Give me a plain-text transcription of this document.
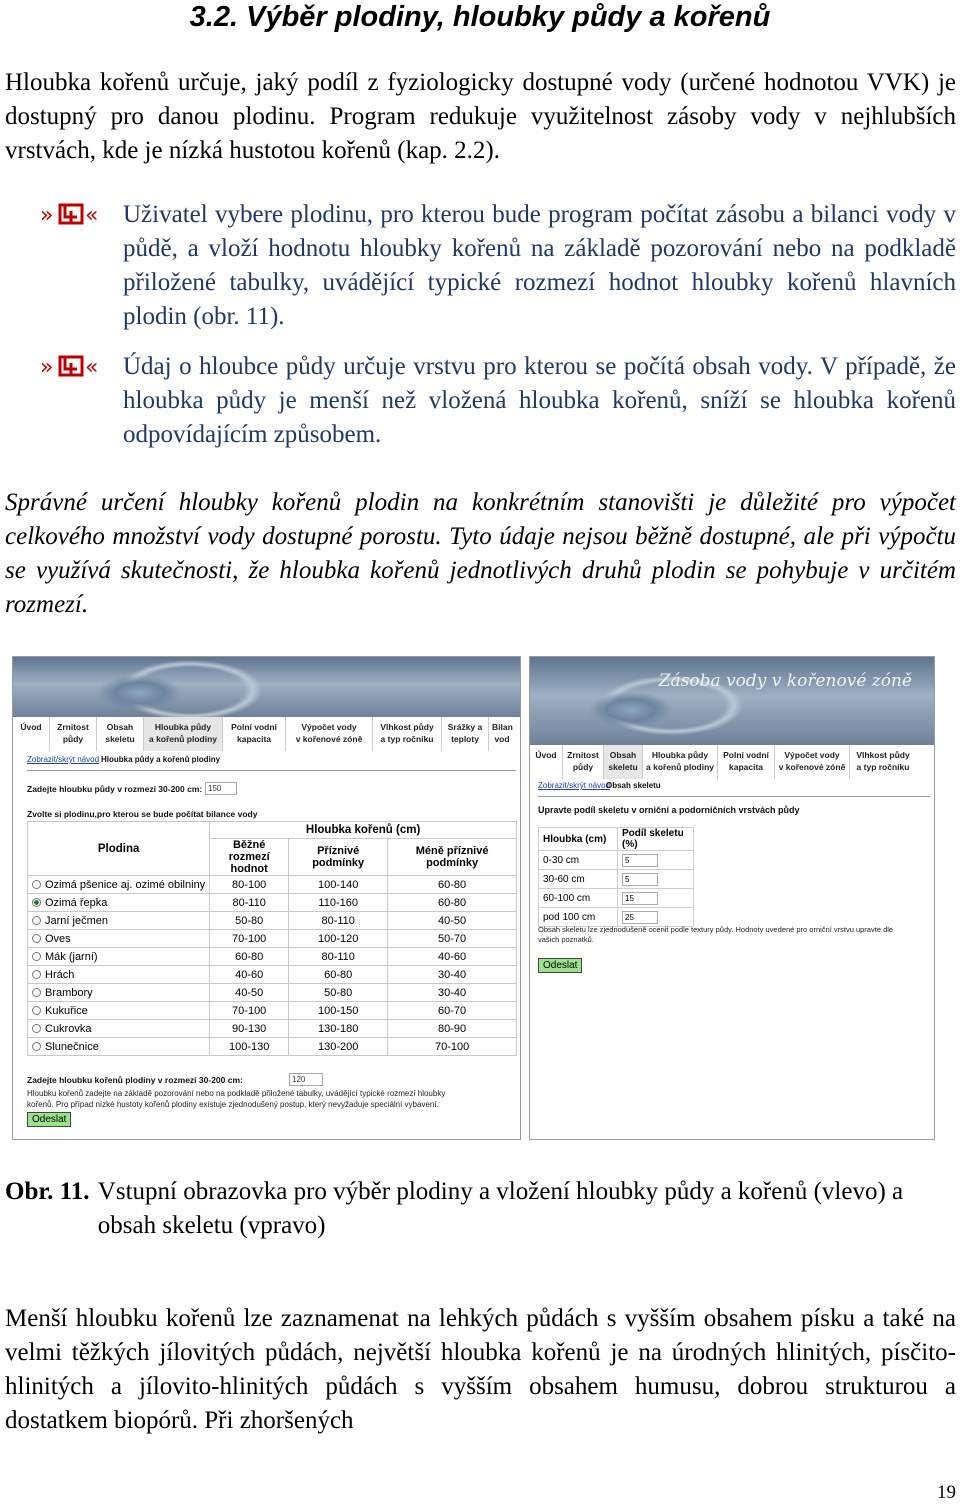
3.2. Výběr plodiny, hloubky půdy a kořenů
Hloubka kořenů určuje, jaký podíl z fyziologicky dostupné vody (určené hodnotou VVK) je dostupný pro danou plodinu. Program redukuje využitelnost zásoby vody v nejhlubších vrstvách, kde je nízká hustotou kořenů (kap. 2.2).
» « Uživatel vybere plodinu, pro kterou bude program počítat zásobu a bilanci vody v půdě, a vloží hodnotu hloubky kořenů na základě pozorování nebo na podkladě přiložené tabulky, uvádějící typické rozmezí hodnot hloubky kořenů hlavních plodin (obr. 11).
» « Údaj o hloubce půdy určuje vrstvu pro kterou se počítá obsah vody. V případě, že hloubka půdy je menší než vložená hloubka kořenů, sníží se hloubka kořenů odpovídajícím způsobem.
Správné určení hloubky kořenů plodin na konkrétním stanovišti je důležité pro výpočet celkového množství vody dostupné porostu. Tyto údaje nejsou běžně dostupné, ale při výpočtu se využívá skutečnosti, že hloubka kořenů jednotlivých druhů plodin se pohybuje v určitém rozmezí.
Úvod	Zrnitost
půdy
Obsah
skeletu
Hloubka půdy
a kořenů plodiny
Polní vodní
kapacita
Výpočet vody
v kořenové zóně
Vlhkost půdy
a typ ročníku
Srážky a
teploty
Bilan
vod
Zobrazit/skrýt návod Hloubka půdy a kořenů plodiny
Zadejte hloubku půdy v rozmezí 30-200 cm: 150
Zvolte si plodinu,pro kterou se bude počítat bilance vody
Plodina	Hloubka kořenů (cm)		
	Běžné rozmezí hodnot	Příznivé podmínky	Méně příznivé podmínky
Ozimá pšenice aj. ozimé obilniny	80-100	100-140	60-80
Ozimá řepka	80-110	110-160	60-80
Jarní ječmen	50-80	80-110	40-50
Oves	70-100	100-120	50-70
Mák (jarní)	60-80	80-110	40-60
Hrách	40-60	60-80	30-40
Brambory	40-50	50-80	30-40
Kukuřice	70-100	100-150	60-70
Cukrovka	90-130	130-180	80-90
Slunečnice	100-130	130-200	70-100
Zadejte hloubku kořenů plodiny v rozmezí 30-200 cm:	120
Hloubku kořenů zadejte na základě pozorování nebo na podkladě přiložené tabulky, uvádějící typické rozmezí hloubky kořenů. Pro případ nízké hustoty kořenů plodiny existuje zjednodušený postup, který nevyžaduje speciální vybavení.
Odeslat
Zásoba vody v kořenové zóně
Úvod	Zrnitost
půdy
Obsah
skeletu
Hloubka půdy
a kořenů plodiny
Polní vodní
kapacita
Výpočet vody
v kořenové zóně
Vlhkost půdy
a typ ročníku
Zobrazit/skrýt návod
Obsah skeletu
Upravte podíl skeletu v orniční a podorničních vrstvách půdy
Hloubka (cm)	Podíl skeletu (%)
0-30 cm	5
30-60 cm	5
60-100 cm	15
pod 100 cm	25
Obsah skeletu lze zjednodušeně ocenit podle textury půdy. Hodnoty uvedené pro orniční vrstvu upravte dle vašich poznatků.
Odeslat
Obr. 11. Vstupní obrazovka pro výběr plodiny a vložení hloubky půdy a kořenů (vlevo) a obsah skeletu (vpravo)
Menší hloubku kořenů lze zaznamenat na lehkých půdách s vyšším obsahem písku a také na velmi těžkých jílovitých půdách, největší hloubka kořenů je na úrodných hlinitých, písčito-hlinitých a jílovito-hlinitých půdách s vyšším obsahem humusu, dobrou strukturou a dostatkem biopórů. Při zhoršených
19
